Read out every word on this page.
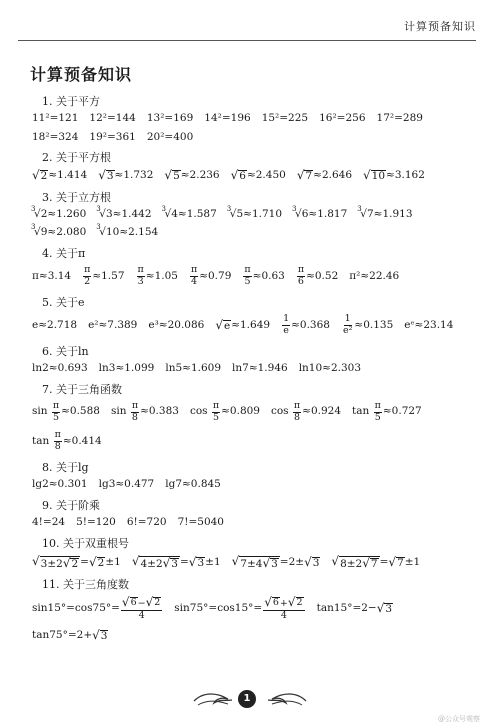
计算预备知识
计算预备知识
1. 关于平方
11²=121 12²=144 13²=169 14²=196 15²=225 16²=256 17²=289
18²=324 19²=361 20²=400
2. 关于平方根
√ 2 ≈1.414 √ 3 ≈1.732 √ 5 ≈2.236 √ 6 ≈2.450 √ 7 ≈2.646 √ 10 ≈3.162
3. 关于立方根
3
√ 2 ≈1.260 3
√ 3 ≈1.442 3
√ 4 ≈1.587 3
√ 5 ≈1.710 3
√ 6 ≈1.817 3
√ 7 ≈1.913
3
√ 9 ≈2.080 3
√ 10 ≈2.154
4. 关于π
$\pi\approx 3.14 \frac{\pi}{2} \approx 1.57 \frac{\pi}{3} \approx 1.05 \frac{\pi}{4} \approx 0.79 \frac{\pi}{5} \approx 0.63 \frac{\pi}{6} \approx 0.52$ π²≈22.46
5. 关于e
e≈2.718 e²≈7.389 e³≈20.086 √ $e \approx 1.649 \frac{1}{e} \approx 0.368 \frac{1}{\text{e²}} \approx 0.135$ eᵉ≈23.14
6. 关于ln
ln2≈0.693 ln3≈1.099 ln5≈1.609 ln7≈1.946 ln10≈2.303
7. 关于三角函数
sin
$\frac{\pi}{5} \approx 0.588$ sin
$\frac{\pi}{8} \approx 0.383$ cos
$\frac{\pi}{5} \approx 0.809$ cos
$\frac{\pi}{8} \approx 0.924$ tan
$\frac{\pi}{5} \approx 0.727$
tan
$\frac{\pi}{8} \approx 0.414$
8. 关于lg
lg2≈0.301 lg3≈0.477 lg7≈0.845
9. 关于阶乘
4!=24 5!=120 6!=720 7!=5040
10. 关于双重根号
√ 3±2 √ 2 = √ 2 ±1 √ 4±2 √ 3 = √ 3 ±1 √ 7±4 √ 3 =2± √ 3 √ 8±2 √ 7 = √ 7 ±1
11. 关于三角度数
$\sin 15^\circ=\cos 75^\circ= \frac{√ 6 - √ 2}{4} \sin 75^\circ=\cos 15^\circ= \frac{√ 6 + √ 2}{4} \tan 15^\circ=2-$ √ 3
tan75°=2+ √ 3
1
@公众号观察
